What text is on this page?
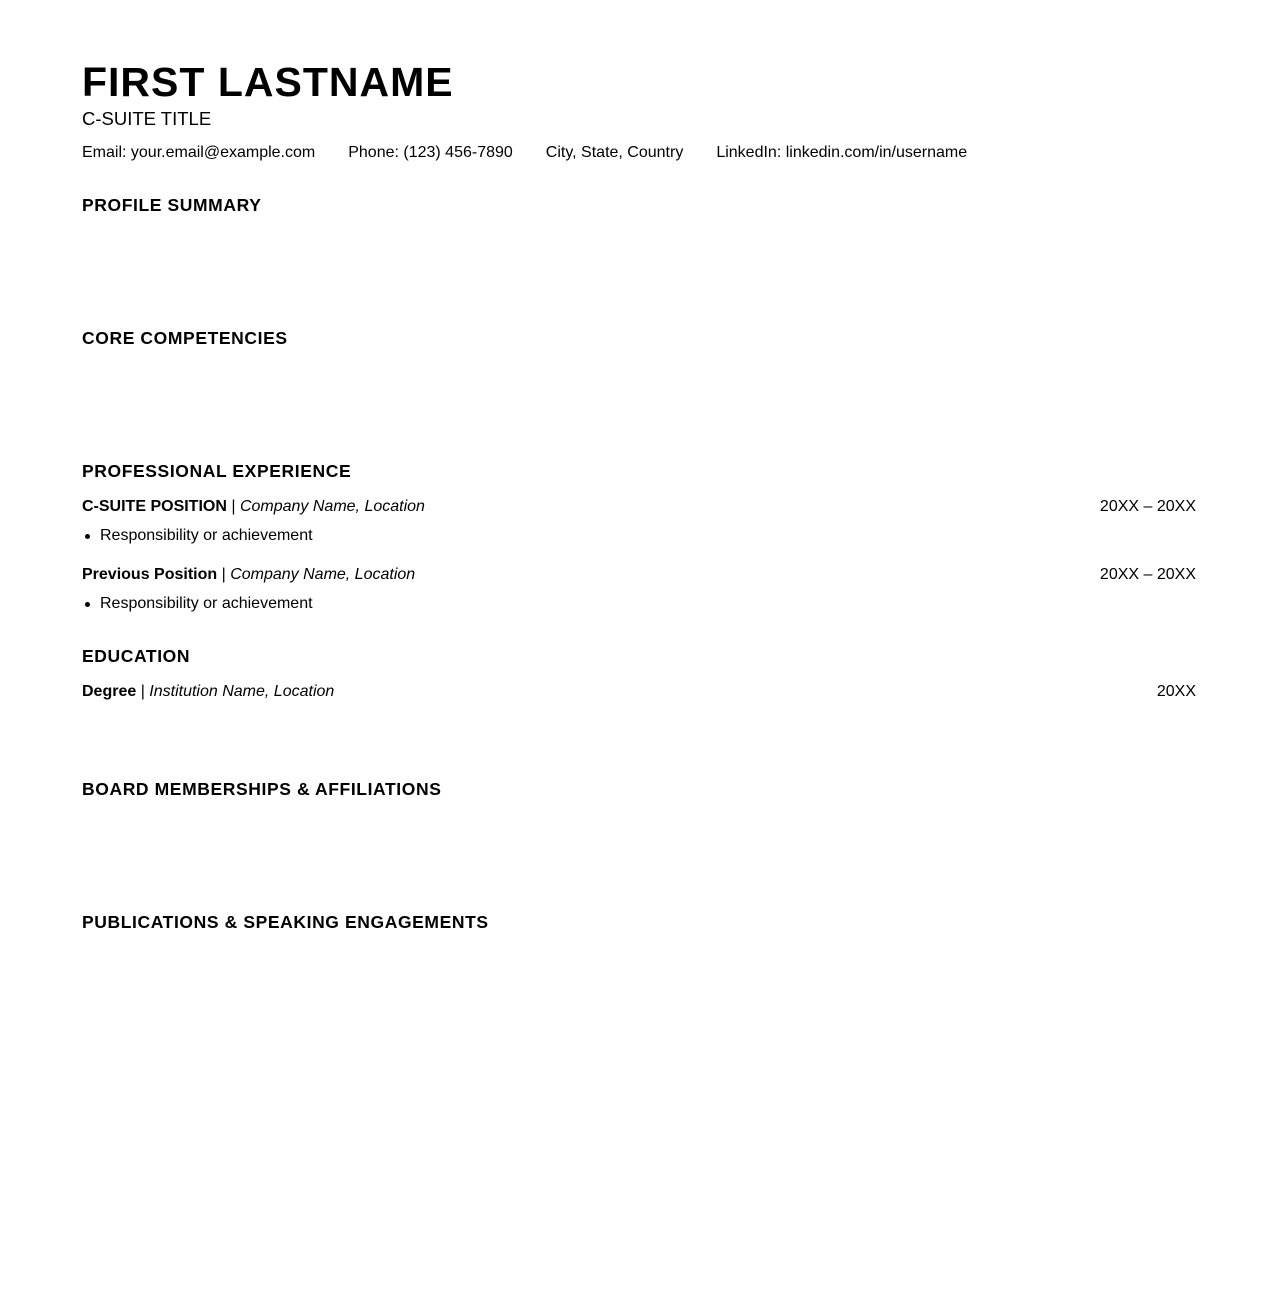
FIRST LASTNAME
C-SUITE TITLE
Email: your.email@example.com Phone: (123) 456-7890 City, State, Country LinkedIn: linkedin.com/in/username
PROFILE SUMMARY
CORE COMPETENCIES
PROFESSIONAL EXPERIENCE
C-SUITE POSITION | Company Name, Location	20XX – 20XX
Responsibility or achievement
Previous Position | Company Name, Location	20XX – 20XX
Responsibility or achievement
EDUCATION
Degree | Institution Name, Location	20XX
BOARD MEMBERSHIPS & AFFILIATIONS
PUBLICATIONS & SPEAKING ENGAGEMENTS
